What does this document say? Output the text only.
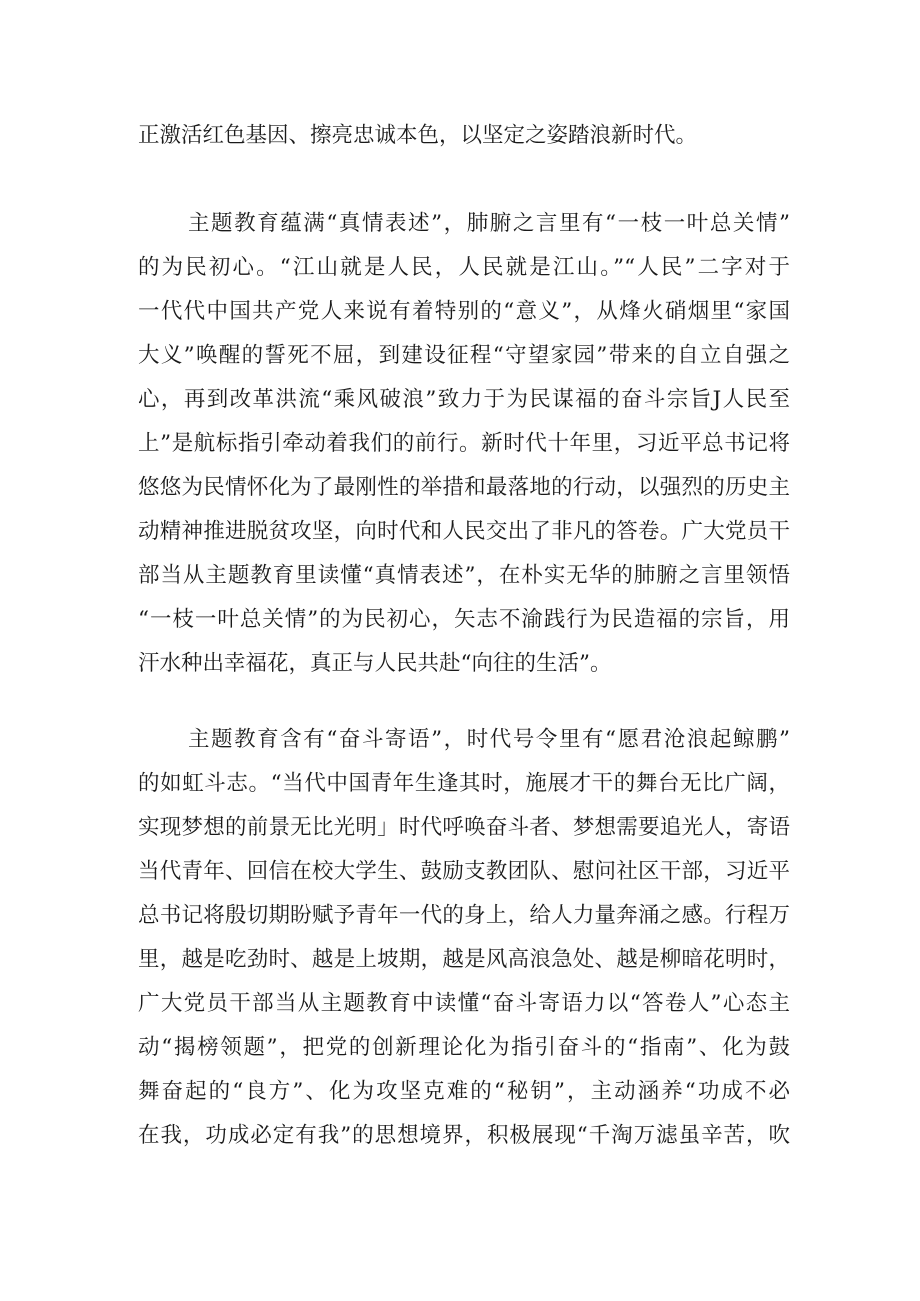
正激活红色基因、擦亮忠诚本色，以坚定之姿踏浪新时代。
主题教育蕴满“真情表述”，肺腑之言里有“一枝一叶总关情”
的为民初心。“江山就是人民，人民就是江山。”“人民”二字对于
一代代中国共产党人来说有着特别的“意义”，从烽火硝烟里“家国
大义”唤醒的誓死不屈，到建设征程“守望家园”带来的自立自强之
心，再到改革洪流“乘风破浪”致力于为民谋福的奋斗宗旨J人民至
上”是航标指引牵动着我们的前行。新时代十年里，习近平总书记将
悠悠为民情怀化为了最刚性的举措和最落地的行动，以强烈的历史主
动精神推进脱贫攻坚，向时代和人民交出了非凡的答卷。广大党员干
部当从主题教育里读懂“真情表述”，在朴实无华的肺腑之言里领悟
“一枝一叶总关情”的为民初心，矢志不渝践行为民造福的宗旨，用
汗水种出幸福花，真正与人民共赴“向往的生活”。
主题教育含有“奋斗寄语”，时代号令里有“愿君沧浪起鲸鹏”
的如虹斗志。“当代中国青年生逢其时，施展才干的舞台无比广阔，
实现梦想的前景无比光明」时代呼唤奋斗者、梦想需要追光人，寄语
当代青年、回信在校大学生、鼓励支教团队、慰问社区干部，习近平
总书记将殷切期盼赋予青年一代的身上，给人力量奔涌之感。行程万
里，越是吃劲时、越是上坡期，越是风高浪急处、越是柳暗花明时，
广大党员干部当从主题教育中读懂“奋斗寄语力以“答卷人”心态主
动“揭榜领题”，把党的创新理论化为指引奋斗的“指南”、化为鼓
舞奋起的“良方”、化为攻坚克难的“秘钥”，主动涵养“功成不必
在我，功成必定有我”的思想境界，积极展现“千淘万滤虽辛苦，吹
